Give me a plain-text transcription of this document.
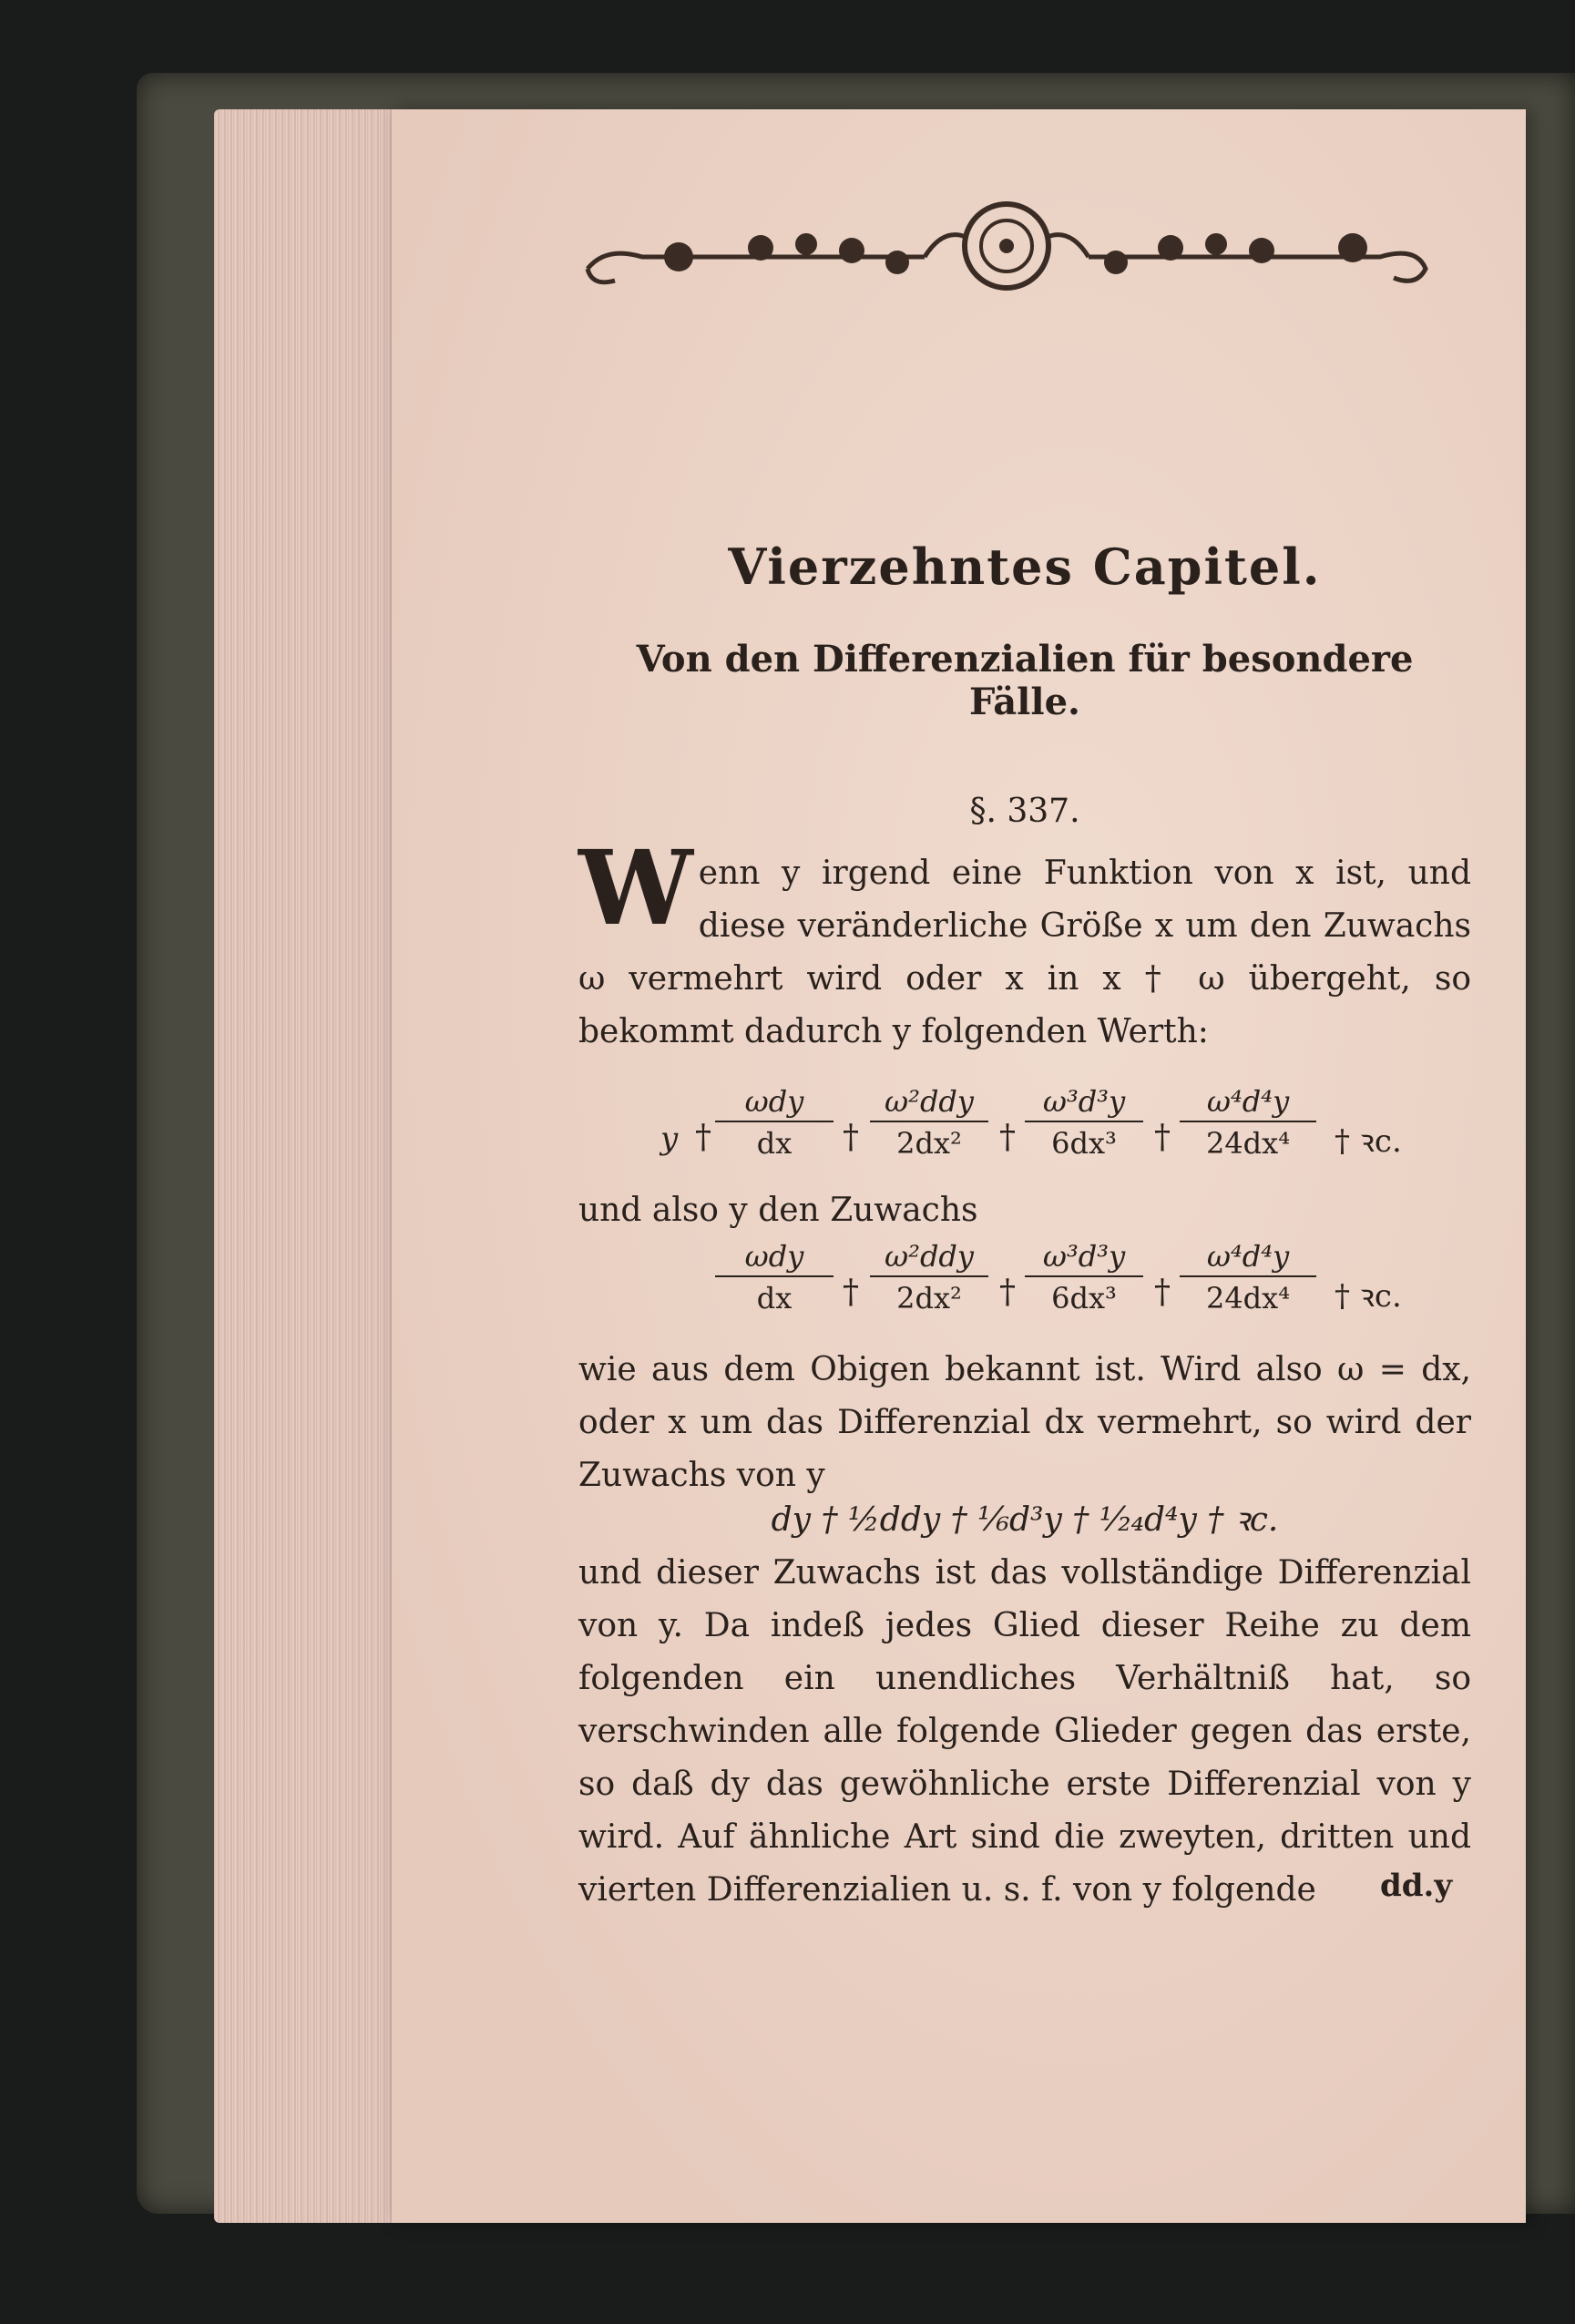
Vierzehntes Capitel.
Von den Differenzialien für besondere Fälle.
§. 337.
Wenn y irgend eine Funktion von x ist, und diese veränderliche Größe x um den Zuwachs ω vermehrt wird oder x in x † ω übergeht, so bekommt dadurch y folgenden Werth:
y †
ωdy
dx	†
ω²ddy
2dx²	† $\frac{\text{ω³d³y}}{\text{6dx³}}$ † $\frac{\text{ω⁴d⁴y}}{\text{24dx⁴}}$ † ꝛc.
und also y den Zuwachs
ωdy
dx	†
ω²ddy
2dx²	† $\frac{\text{ω³d³y}}{\text{6dx³}}$ † $\frac{\text{ω⁴d⁴y}}{\text{24dx⁴}}$ † ꝛc.
wie aus dem Obigen bekannt ist. Wird also ω = dx, oder x um das Differenzial dx vermehrt, so wird der Zuwachs von y
dy † ½ddy † ⅙d³y † ¹⁄₂₄d⁴y † ꝛc.
und dieser Zuwachs ist das vollständige Differenzial von y. Da indeß jedes Glied dieser Reihe zu dem folgenden ein unendliches Verhältniß hat, so verschwinden alle folgende Glieder gegen das erste, so daß dy das gewöhnliche erste Differenzial von y wird. Auf ähnliche Art sind die zweyten, dritten und vierten Differenzialien u. s. f. von y folgende	dd.y
